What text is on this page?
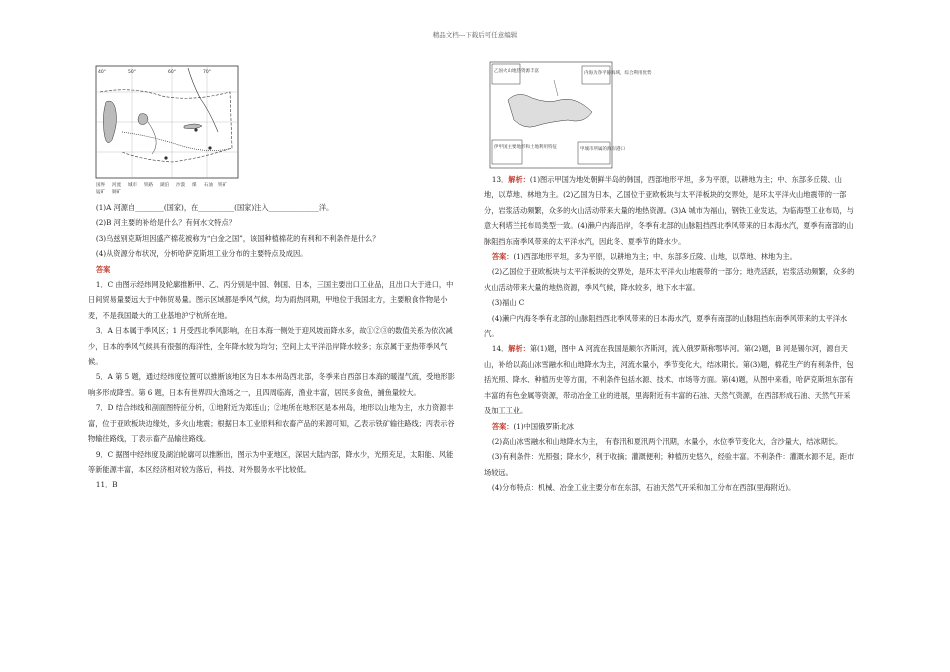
精品文档---下载后可任意编辑
40°	50°	60°	70°
国界 河流 城市 铁路 湖泊 沙漠 煤 石油 铁矿
锰矿 铜矿
乙国火山地热资源丰富	内海为净平静海域，综合利用优势
伊甲国主要地形和土地利用特征	甲城市所属的海岸港口

(1)A 河源自________(国家)，在__________(国家)注入______________洋。

(2)B 河主要的补给是什么？有何水文特点？

(3)乌兹别克斯坦因盛产棉花被称为“白金之国”，该国种植棉花的有利和不利条件是什么？

(4)从资源分布状况，分析哈萨克斯坦工业分布的主要特点及成因。

答案

1．C 由图示经纬网及轮廓推断甲、乙、丙分别是中国、韩国、日本，三国主要出口工业品，且出口大于进口，中日间贸易量要远大于中韩贸易量。图示区域都是季风气候，均为雨热同期，甲地位于我国北方，主要粮食作物是小麦，不是我国最大的工业基地沪宁杭所在地。

3．A 日本属于季风区；1 月受西北季风影响，在日本海一侧处于迎风坡而降水多，故①②③的数值关系为依次减少，日本的季风气候具有很强的海洋性，全年降水较为均匀；空间上太平洋沿岸降水较多；东京属于亚热带季风气候。

5．A 第 5 题，通过经纬度位置可以推断该地区为日本本州岛西北部，冬季来自西部日本海的暖湿气流，受地形影响多形成降雪。第 6 题，日本有世界四大渔场之一，且四周临海，渔业丰富，居民多食鱼，捕鱼量较大。

7．D 结合纬线和剖面图特征分析，①地附近为郑连山；②地所在地形区是本州岛，地形以山地为主，水力资源丰富，位于亚欧板块边缘处，多火山地震；根据日本工业原料和农畜产品的来源可知，乙表示铁矿输往路线；丙表示谷物输往路线，丁表示畜产品输往路线。

9．C 据图中经纬度及湖泊轮廓可以推断出，图示为中亚地区，深居大陆内部，降水少，光照充足，太阳能、风能等新能源丰富，本区经济相对较为落后，科技、对外服务水平比较低。

11．B

13．解析：(1)图示甲国为地处朝鲜半岛的韩国，西部地形平坦，多为平原，以耕地为主；中、东部多丘陵、山地，以草地、林地为主。(2)乙国为日本，乙国位于亚欧板块与太平洋板块的交界处，是环太平洋火山地震带的一部分，岩浆活动频繁，众多的火山活动带来大量的地热资源。(3)A 城市为福山，钢铁工业发达，为临海型工业布局，与意大利塔兰托布局类型一致。(4)濑户内海沿岸，冬季有北部的山脉阻挡西北季风带来的日本海水汽，夏季有南部的山脉阻挡东南季风带来的太平洋水汽，因此冬、夏季节的降水少。

答案：(1)西部地形平坦，多为平原，以耕地为主；中、东部多丘陵、山地，以草地、林地为主。

(2)乙国位于亚欧板块与太平洋板块的交界处，是环太平洋火山地震带的一部分；地壳活跃，岩浆活动频繁，众多的火山活动带来大量的地热资源，季风气候，降水较多，地下水丰富。

(3)福山 C

(4)濑户内海冬季有北部的山脉阻挡西北季风带来的日本海水汽，夏季有南部的山脉阻挡东南季风带来的太平洋水汽。

14．解析：第(1)题，图中 A 河流在我国是额尔齐斯河，流入俄罗斯称鄂毕河。第(2)题，B 河是锡尔河，源自天山，补给以高山冰雪融水和山地降水为主，河流水量小，季节变化大，结冰期长。第(3)题，棉花生产的有利条件，包括光照、降水、种植历史等方面，不利条件包括水源、技术、市场等方面。第(4)题，从图中来看，哈萨克斯坦东部有丰富的有色金属等资源，带动冶金工业的进展，里海附近有丰富的石油、天然气资源，在西部形成石油、天然气开采及加工工业。

答案：(1)中国俄罗斯北冰

(2)高山冰雪融水和山地降水为主， 有春汛和夏汛两个汛期，水量小，水位季节变化大，含沙量大，结冰期长。

(3)有利条件：光照强；降水少，利于收摘；灌溉便利；种植历史悠久，经验丰富。不利条件：灌溉水源不足，距市场较远。

(4)分布特点：机械、冶金工业主要分布在东部，石油天然气开采和加工分布在西部(里海附近)。
